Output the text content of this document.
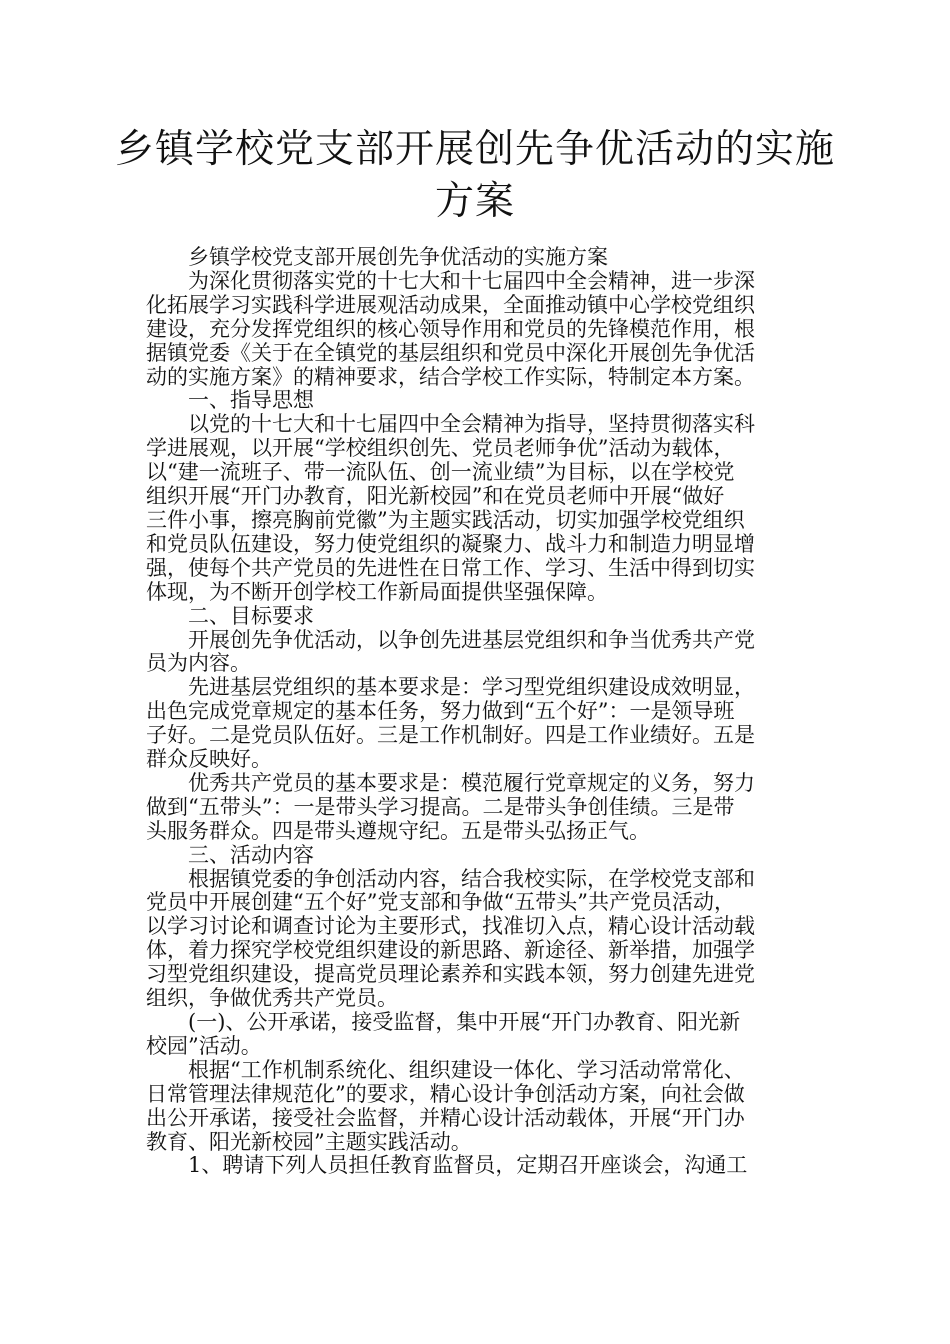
乡镇学校党支部开展创先争优活动的实施
方案
　　乡镇学校党支部开展创先争优活动的实施方案
　　为深化贯彻落实党的十七大和十七届四中全会精神，进一步深
化拓展学习实践科学进展观活动成果，全面推动镇中心学校党组织
建设，充分发挥党组织的核心领导作用和党员的先锋模范作用，根
据镇党委《关于在全镇党的基层组织和党员中深化开展创先争优活
动的实施方案》的精神要求，结合学校工作实际，特制定本方案。
　　一、指导思想
　　以党的十七大和十七届四中全会精神为指导，坚持贯彻落实科
学进展观，以开展“学校组织创先、党员老师争优”活动为载体，
以“建一流班子、带一流队伍、创一流业绩”为目标，以在学校党
组织开展“开门办教育，阳光新校园”和在党员老师中开展“做好
三件小事，擦亮胸前党徽”为主题实践活动，切实加强学校党组织
和党员队伍建设，努力使党组织的凝聚力、战斗力和制造力明显增
强，使每个共产党员的先进性在日常工作、学习、生活中得到切实
体现，为不断开创学校工作新局面提供坚强保障。
　　二、目标要求
　　开展创先争优活动，以争创先进基层党组织和争当优秀共产党
员为内容。
　　先进基层党组织的基本要求是：学习型党组织建设成效明显，
出色完成党章规定的基本任务，努力做到“五个好”：一是领导班
子好。二是党员队伍好。三是工作机制好。四是工作业绩好。五是
群众反映好。
　　优秀共产党员的基本要求是：模范履行党章规定的义务，努力
做到“五带头”：一是带头学习提高。二是带头争创佳绩。三是带
头服务群众。四是带头遵规守纪。五是带头弘扬正气。
　　三、活动内容
　　根据镇党委的争创活动内容，结合我校实际，在学校党支部和
党员中开展创建“五个好”党支部和争做“五带头”共产党员活动，
以学习讨论和调查讨论为主要形式，找准切入点，精心设计活动载
体，着力探究学校党组织建设的新思路、新途径、新举措，加强学
习型党组织建设，提高党员理论素养和实践本领，努力创建先进党
组织，争做优秀共产党员。
　　(一)、公开承诺，接受监督，集中开展“开门办教育、阳光新
校园”活动。
　　根据“工作机制系统化、组织建设一体化、学习活动常常化、
日常管理法律规范化”的要求，精心设计争创活动方案，向社会做
出公开承诺，接受社会监督，并精心设计活动载体，开展“开门办
教育、阳光新校园”主题实践活动。
　　1、聘请下列人员担任教育监督员，定期召开座谈会，沟通工
